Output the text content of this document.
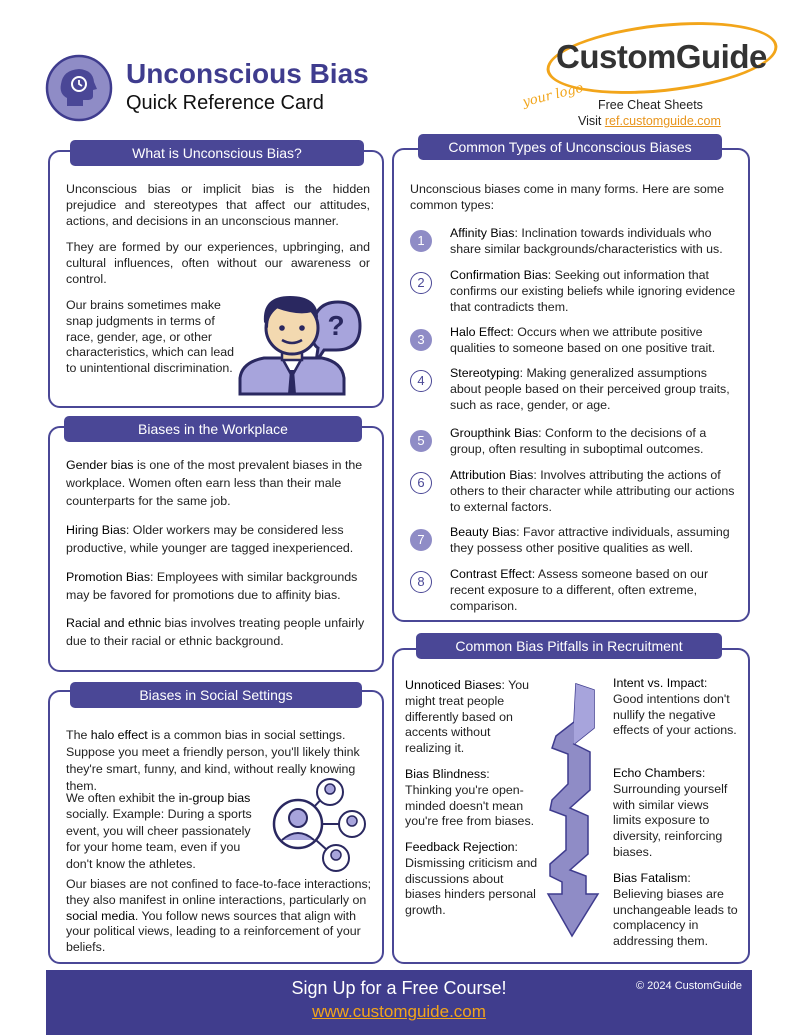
Unconscious Bias
Quick Reference Card
CustomGuide
your logo Free Cheat Sheets
Visit ref.customguide.com
What is Unconscious Bias?
Unconscious bias or implicit bias is the hidden prejudice and stereotypes that affect our attitudes, actions, and decisions in an unconscious manner.
They are formed by our experiences, upbringing, and cultural influences, often without our awareness or control.
Our brains sometimes make snap judgments in terms of race, gender, age, or other characteristics, which can lead to unintentional discrimination.
?
Biases in the Workplace
Gender bias is one of the most prevalent biases in the workplace. Women often earn less than their male counterparts for the same job.
Hiring Bias: Older workers may be considered less productive, while younger are tagged inexperienced.
Promotion Bias: Employees with similar backgrounds may be favored for promotions due to affinity bias.
Racial and ethnic bias involves treating people unfairly due to their racial or ethnic background.
Biases in Social Settings
The halo effect is a common bias in social settings. Suppose you meet a friendly person, you'll likely think they're smart, funny, and kind, without really knowing them.
We often exhibit the in-group bias socially. Example: During a sports event, you will cheer passionately for your home team, even if you don't know the athletes.
Our biases are not confined to face-to-face interactions; they also manifest in online interactions, particularly on social media. You follow news sources that align with your political views, leading to a reinforcement of your beliefs.
Common Types of Unconscious Biases
Unconscious biases come in many forms. Here are some common types:
1	Affinity Bias: Inclination towards individuals who share similar backgrounds/characteristics with us.
2	Confirmation Bias: Seeking out information that confirms our existing beliefs while ignoring evidence that contradicts them.
3	Halo Effect: Occurs when we attribute positive qualities to someone based on one positive trait.
4	Stereotyping: Making generalized assumptions about people based on their perceived group traits, such as race, gender, or age.
5	Groupthink Bias: Conform to the decisions of a group, often resulting in suboptimal outcomes.
6	Attribution Bias: Involves attributing the actions of others to their character while attributing our actions to external factors.
7	Beauty Bias: Favor attractive individuals, assuming they possess other positive qualities as well.
8	Contrast Effect: Assess someone based on our recent exposure to a different, often extreme, comparison.
Common Bias Pitfalls in Recruitment
Unnoticed Biases: You might treat people differently based on accents without realizing it.
Bias Blindness: Thinking you're open-minded doesn't mean you're free from biases.
Feedback Rejection: Dismissing criticism and discussions about biases hinders personal growth.
Intent vs. Impact: Good intentions don't nullify the negative effects of your actions.
Echo Chambers: Surrounding yourself with similar views limits exposure to diversity, reinforcing biases.
Bias Fatalism: Believing biases are unchangeable leads to complacency in addressing them.
Sign Up for a Free Course!
www.customguide.com
© 2024 CustomGuide
